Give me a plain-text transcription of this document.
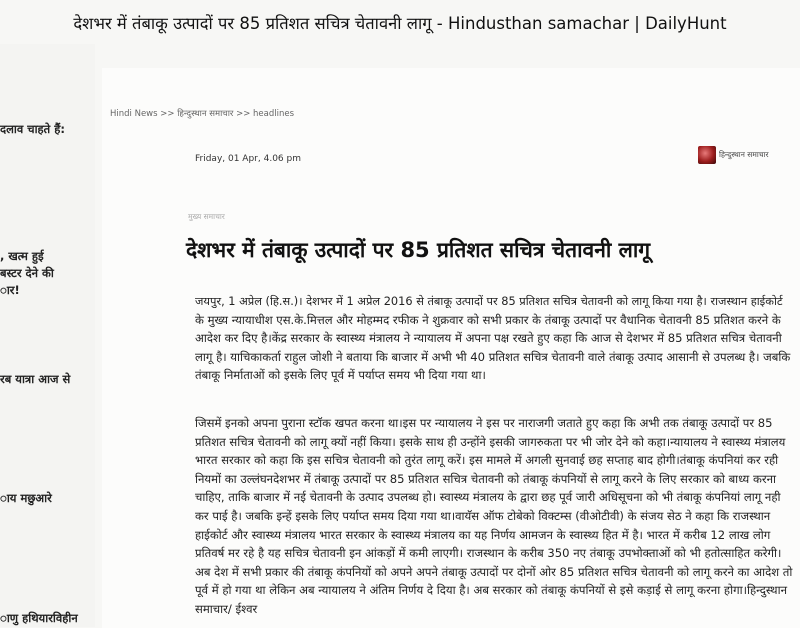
देशभर में तंबाकू उत्पादों पर 85 प्रतिशत सचित्र चेतावनी लागू - Hindusthan samachar | DailyHunt
दलाव चाहते हैं:
, खत्म हुई
बस्टर देने की
ार!
रब यात्रा आज से
ाय मछुआरे
ाणु हथियारविहीन
Hindi News >> हिन्दुस्थान समाचार >> headlines
Friday, 01 Apr, 4.06 pm	हिन्दुस्थान समाचार
मुख्य समाचार
देशभर में तंबाकू उत्पादों पर 85 प्रतिशत सचित्र चेतावनी लागू
जयपुर, 1 अप्रेल (हि.स.)। देशभर में 1 अप्रेल 2016 से तंबाकू उत्पादों पर 85 प्रतिशत सचित्र चेतावनी को लागू किया गया है। राजस्थान हाईकोर्ट
के मुख्य न्यायाधीश एस.के.मित्तल और मोहम्मद रफीक ने शुक्रवार को सभी प्रकार के तंबाकू उत्पादों पर वैधानिक चेतावनी 85 प्रतिशत करने के
आदेश कर दिए है।केंद्र सरकार के स्वास्थ्य मंत्रालय ने न्यायालय में अपना पक्ष रखते हुए कहा कि आज से देशभर में 85 प्रतिशत सचित्र चेतावनी
लागू है। याचिकाकर्ता राहुल जोशी ने बताया कि बाजार में अभी भी 40 प्रतिशत सचित्र चेतावनी वाले तंबाकू उत्पाद आसानी से उपलब्ध है। जबकि
तंबाकू निर्माताओं को इसके लिए पूर्व में पर्याप्त समय भी दिया गया था।
जिसमें इनको अपना पुराना स्टॉक खपत करना था।इस पर न्यायालय ने इस पर नाराजगी जताते हुए कहा कि अभी तक तंबाकू उत्पादों पर 85
प्रतिशत सचित्र चेतावनी को लागू क्यों नहीं किया। इसके साथ ही उन्होंने इसकी जागरुकता पर भी जोर देने को कहा।न्यायालय ने स्वास्थ्य मंत्रालय
भारत सरकार को कहा कि इस सचित्र चेतावनी को तुरंत लागू करें। इस मामले में अगली सुनवाई छह सप्ताह बाद होगी।तंबाकू कंपनियां कर रही
नियमों का उल्लंघनदेशभर में तंबाकू उत्पादों पर 85 प्रतिशत सचित्र चेतावनी को तंबाकू कंपनियों से लागू करने के लिए सरकार को बाध्य करना
चाहिए, ताकि बाजार में नई चेतावनी के उत्पाद उपलब्ध हो। स्वास्थ्य मंत्रालय के द्वारा छह पूर्व जारी अधिसूचना को भी तंबाकू कंपनियां लागू नही
कर पाई है। जबकि इन्हें इसके लिए पर्याप्त समय दिया गया था।वायॅस ऑफ टोबेको विक्टम्स (वीओटीवी) के संजय सेठ ने कहा कि राजस्थान
हाईकोर्ट और स्वास्थ्य मंत्रालय भारत सरकार के स्वास्थ्य मंत्रालय का यह निर्णय आमजन के स्वास्थ्य हित में है। भारत में करीब 12 लाख लोग
प्रतिवर्ष मर रहे है यह सचित्र चेतावनी इन आंकड़ों में कमी लाएगी। राजस्थान के करीब 350 नए तंबाकू उपभोक्ताओं को भी हतोत्साहित करेगी।
अब देश में सभी प्रकार की तंबाकू कंपनियों को अपने अपने तंबाकू उत्पादों पर दोनों ओर 85 प्रतिशत सचित्र चेतावनी को लागू करने का आदेश तो
पूर्व में हो गया था लेकिन अब न्यायालय ने अंतिम निर्णय दे दिया है। अब सरकार को तंबाकू कंपनियों से इसे कड़ाई से लागू करना होगा।हिन्दुस्थान
समाचार/ ईश्वर
